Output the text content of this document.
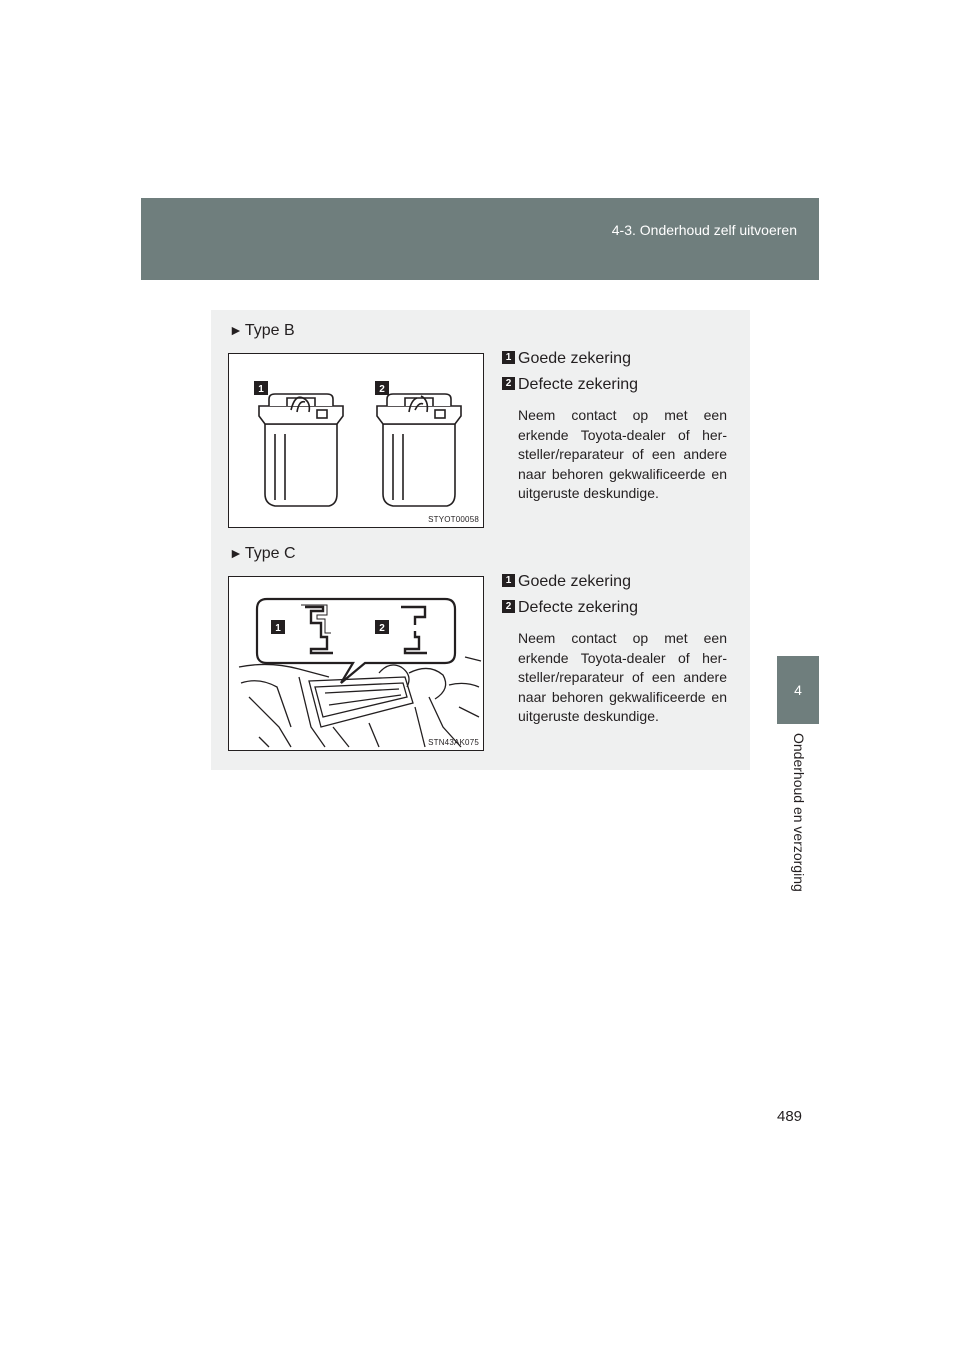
4-3. Onderhoud zelf uitvoeren
4
Onderhoud en verzorging
► Type B
1	2
STYOT00058
1 Goede zekering
2 Defecte zekering
Neem contact op met een erkende Toyota-dealer of her-steller/reparateur of een andere naar behoren gekwalificeerde en uitgeruste deskundige.
► Type C
1	2
STN43AK075
1 Goede zekering
2 Defecte zekering
Neem contact op met een erkende Toyota-dealer of her-steller/reparateur of een andere naar behoren gekwalificeerde en uitgeruste deskundige.
489
